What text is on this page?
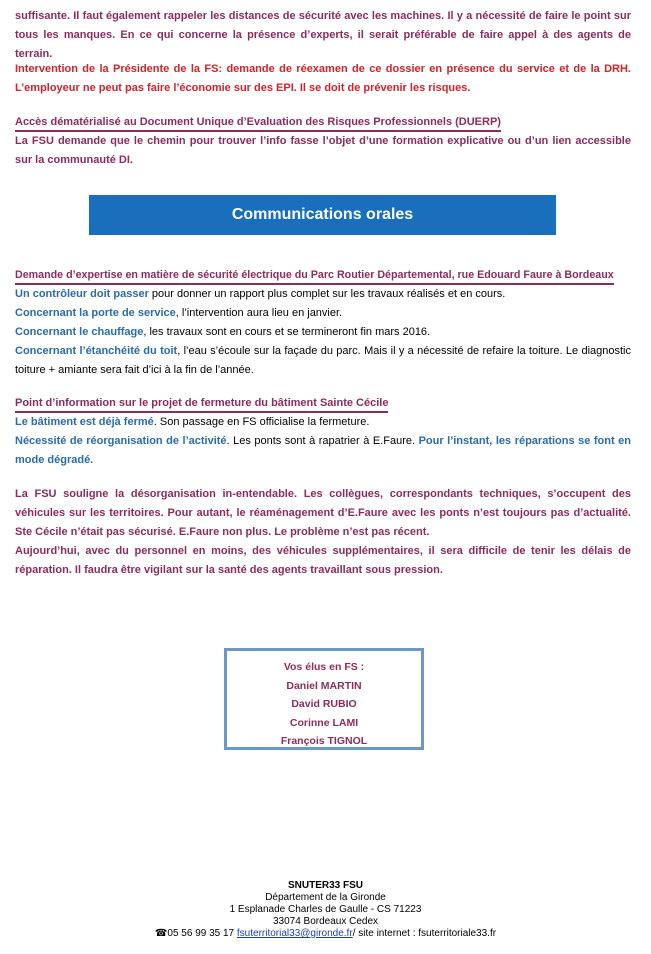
suffisante. Il faut également rappeler les distances de sécurité avec les machines. Il y a nécessité de faire le point sur tous les manques. En ce qui concerne la présence d’experts, il serait préférable de faire appel à des agents de terrain.

Intervention de la Présidente de la FS: demande de réexamen de ce dossier en présence du service et de la DRH. L’employeur ne peut pas faire l’économie sur des EPI. Il se doit de prévenir les risques.

Accès dématérialisé au Document Unique d’Evaluation des Risques Professionnels (DUERP)

La FSU demande que le chemin pour trouver l’info fasse l’objet d’une formation explicative ou d’un lien accessible sur la communauté DI.

Communications orales

Demande d’expertise en matière de sécurité électrique du Parc Routier Départemental, rue Edouard Faure à Bordeaux

Un contrôleur doit passer pour donner un rapport plus complet sur les travaux réalisés et en cours.

Concernant la porte de service, l’intervention aura lieu en janvier.

Concernant le chauffage, les travaux sont en cours et se termineront fin mars 2016.

Concernant l’étanchéité du toit, l’eau s’écoule sur la façade du parc. Mais il y a nécessité de refaire la toiture. Le diagnostic toiture + amiante sera fait d’ici à la fin de l’année.

Point d’information sur le projet de fermeture du bâtiment Sainte Cécile

Le bâtiment est déjà fermé. Son passage en FS officialise la fermeture.

Nécessité de réorganisation de l’activité. Les ponts sont à rapatrier à E.Faure. Pour l’instant, les réparations se font en mode dégradé.

La FSU souligne la désorganisation in-entendable. Les collègues, correspondants techniques, s’occupent des véhicules sur les territoires. Pour autant, le réaménagement d’E.Faure avec les ponts n’est toujours pas d’actualité. Ste Cécile n’était pas sécurisé. E.Faure non plus. Le problème n’est pas récent.

Aujourd’hui, avec du personnel en moins, des véhicules supplémentaires, il sera difficile de tenir les délais de réparation. Il faudra être vigilant sur la santé des agents travaillant sous pression.

Vos élus en FS :
Daniel MARTIN
David RUBIO
Corinne LAMI
François TIGNOL
SNUTER33 FSU
Département de la Gironde
1 Esplanade Charles de Gaulle - CS 71223
33074 Bordeaux Cedex
☎05 56 99 35 17 fsuterritorial33@gironde.fr/ site internet : fsuterritoriale33.fr
